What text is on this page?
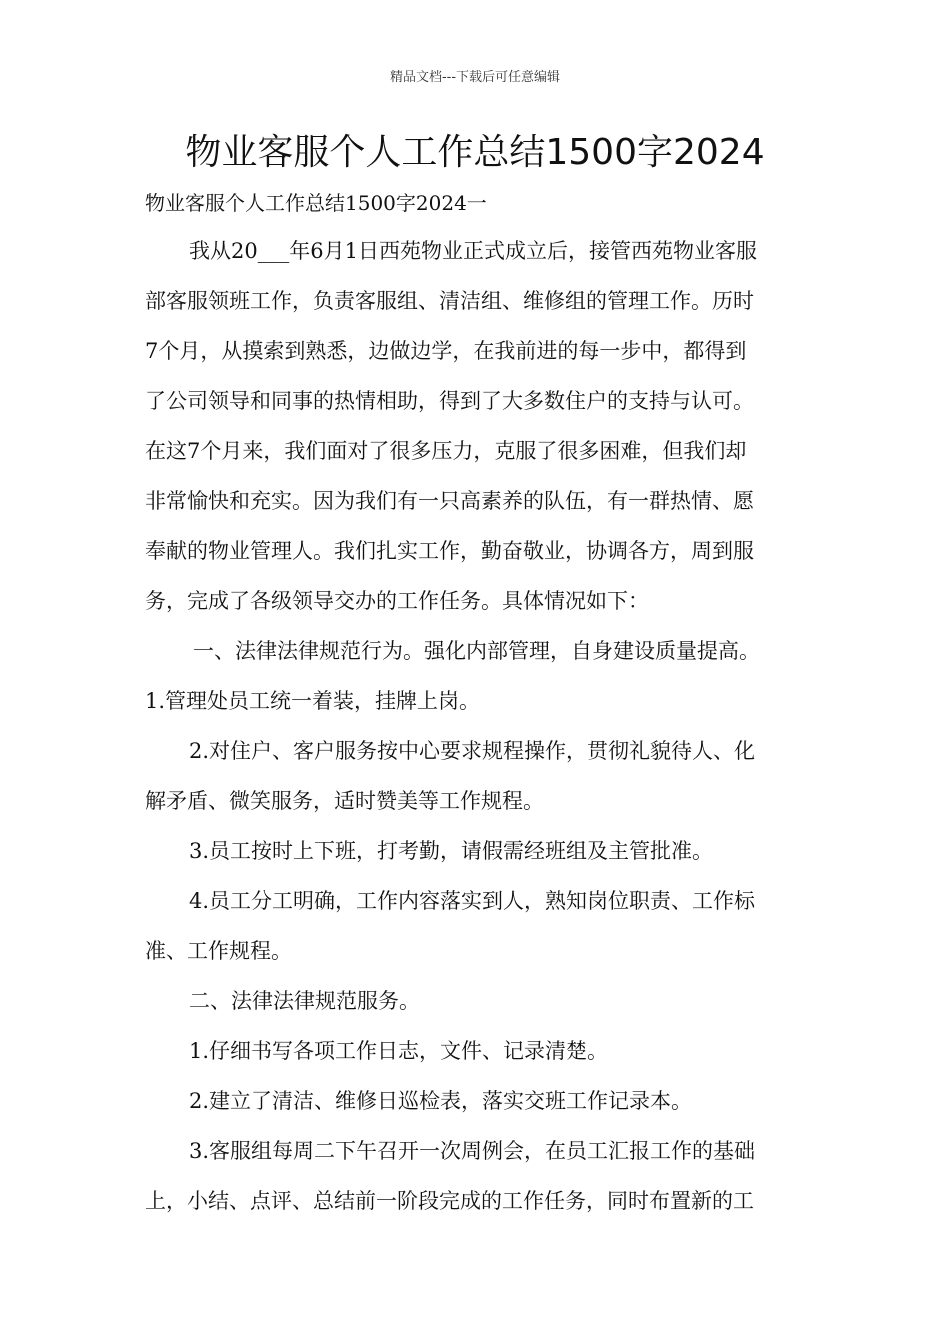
精品文档---下载后可任意编辑
物业客服个人工作总结1500字2024
物业客服个人工作总结1500字2024一
我从20___年6月1日西苑物业正式成立后，接管西苑物业客服
部客服领班工作，负责客服组、清洁组、维修组的管理工作。历时
7个月，从摸索到熟悉，边做边学，在我前进的每一步中，都得到
了公司领导和同事的热情相助，得到了大多数住户的支持与认可。
在这7个月来，我们面对了很多压力，克服了很多困难，但我们却
非常愉快和充实。因为我们有一只高素养的队伍，有一群热情、愿
奉献的物业管理人。我们扎实工作，勤奋敬业，协调各方，周到服
务，完成了各级领导交办的工作任务。具体情况如下：
一、法律法律规范行为。强化内部管理，自身建设质量提高。
1.管理处员工统一着装，挂牌上岗。
2.对住户、客户服务按中心要求规程操作，贯彻礼貌待人、化
解矛盾、微笑服务，适时赞美等工作规程。
3.员工按时上下班，打考勤，请假需经班组及主管批准。
4.员工分工明确，工作内容落实到人，熟知岗位职责、工作标
准、工作规程。
二、法律法律规范服务。
1.仔细书写各项工作日志，文件、记录清楚。
2.建立了清洁、维修日巡检表，落实交班工作记录本。
3.客服组每周二下午召开一次周例会，在员工汇报工作的基础
上，小结、点评、总结前一阶段完成的工作任务，同时布置新的工
